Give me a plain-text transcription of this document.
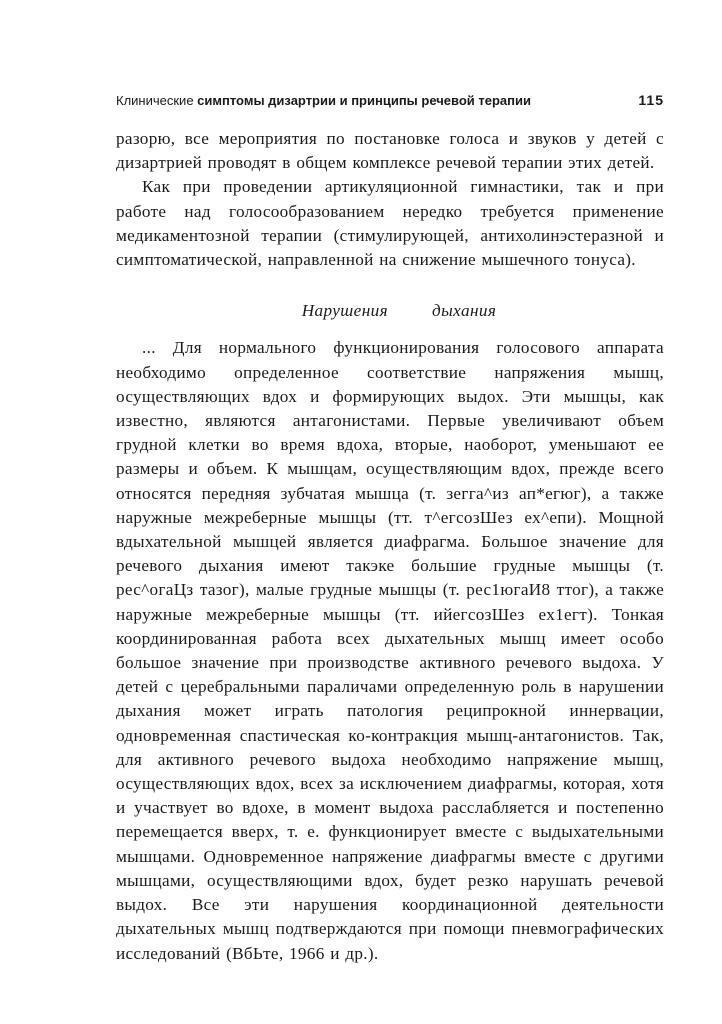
Клинические симптомы дизартрии и принципы речевой терапии	115

разорю, все мероприятия по постановке голоса и звуков у детей с дизартрией проводят в общем комплексе речевой терапии этих детей.

Как при проведении артикуляционной гимнастики, так и при работе над голосообразованием нередко требуется применение медикаментозной терапии (стимулирующей, антихолинэстеразной и симптоматической, направленной на снижение мышечного тонуса).

Нарушения	дыхания

... Для нормального функционирования голосового аппарата необходимо определенное соответствие напряжения мышц, осуществляющих вдох и формирующих выдох. Эти мышцы, как известно, являются антагонистами. Первые увеличивают объем грудной клетки во время вдоха, вторые, наоборот, уменьшают ее размеры и объем. К мышцам, осуществляющим вдох, прежде всего относятся передняя зубчатая мышца (т. зегга^из ап*егюг), а также наружные межреберные мышцы (тт. т^егсозШез ех^епи). Мощной вдыхательной мышцей является диафрагма. Большое значение для речевого дыхания имеют такэке большие грудные мышцы (т. рес^огаЦз тазог), малые грудные мышцы (т. рес1югаИ8 ттог), а также наружные межреберные мышцы (тт. ийегсозШез ех1егт). Тонкая координированная работа всех дыхательных мышц имеет особо большое значение при производстве активного речевого выдоха. У детей с церебральными параличами определенную роль в нарушении дыхания может играть патология реципрокной иннервации, одновременная спастическая ко-контракция мышц-антагонистов. Так, для активного речевого выдоха необходимо напряжение мышц, осуществляющих вдох, всех за исключением диафрагмы, которая, хотя и участвует во вдохе, в момент выдоха расслабляется и постепенно перемещается вверх, т. е. функционирует вместе с выдыхательными мышцами. Одновременное напряжение диафрагмы вместе с другими мышцами, осуществляющими вдох, будет резко нарушать речевой выдох. Все эти нарушения координационной деятельности дыхательных мышц подтверждаются при помощи пневмографических исследований (ВбЬте, 1966 и др.).
